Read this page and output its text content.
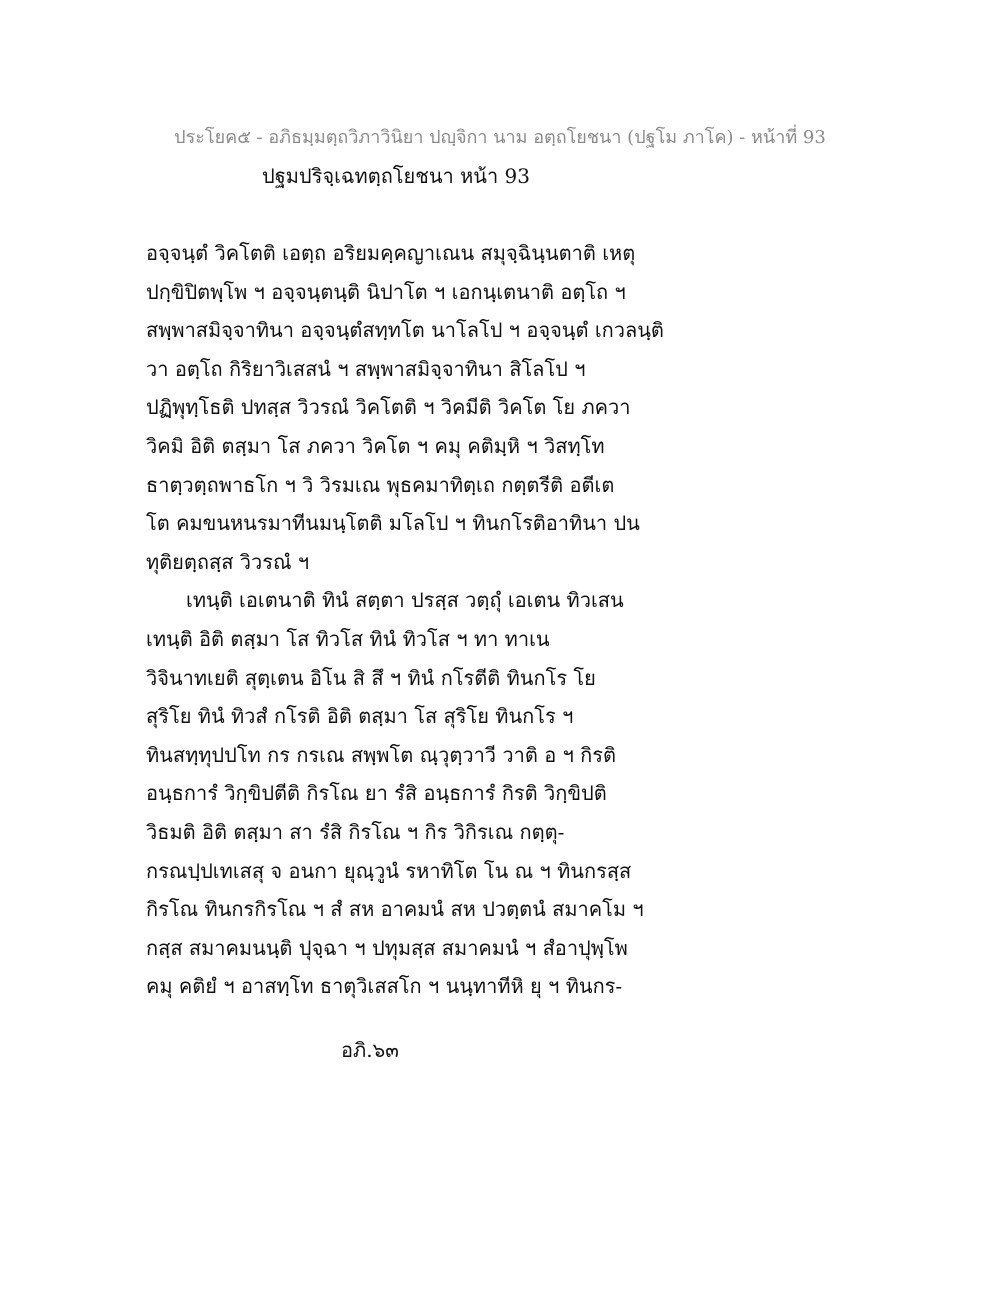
ประโยค๕ - อภิธมฺมตฺถวิภาวินิยา ปญฺจิกา นาม อตฺถโยชนา (ปฐโม ภาโค) - หน้าที่ 93
ปฐมปริจฺเฉทตฺถโยชนา หน้า 93
อจฺจนฺตํ วิคโตติ เอตฺถ อริยมคฺคญาเณน สมุจฺฉินฺนตาติ เหตุ
ปกฺขิปิตพฺโพ ฯ อจฺจนฺตนฺติ นิปาโต ฯ เอกนฺเตนาติ อตฺโถ ฯ
สพฺพาสมิจฺจาทินา อจฺจนฺตํสทฺทโต นาโลโป ฯ อจฺจนฺตํ เกวลนฺติ
วา อตฺโถ กิริยาวิเสสนํ ฯ สพฺพาสมิจฺจาทินา สิโลโป ฯ
ปฏิพุทฺโธติ ปทสฺส วิวรณํ วิคโตติ ฯ วิคมีติ วิคโต โย ภควา
วิคมิ อิติ ตสฺมา โส ภควา วิคโต ฯ คมุ คติมฺหิ ฯ วิสทฺโท
ธาตฺวตฺถพาธโก ฯ วิ วิรมเณ พุธคมาทิตฺเถ กตฺตรีติ อตีเต
โต คมขนหนรมาทีนมนฺโตติ มโลโป ฯ ทินกโรติอาทินา ปน
ทุติยตฺถสฺส วิวรณํ ฯ
เทนฺติ เอเตนาติ ทินํ สตฺตา ปรสฺส วตฺถุํ เอเตน ทิวเสน
เทนฺติ อิติ ตสฺมา โส ทิวโส ทินํ ทิวโส ฯ ทา ทาเน
วิจินาทเยติ สุตฺเตน อิโน สิ สึ ฯ ทินํ กโรตีติ ทินกโร โย
สุริโย ทินํ ทิวสํ กโรติ อิติ ตสฺมา โส สุริโย ทินกโร ฯ
ทินสทฺทุปปโท กร กรเณ สพฺพโต ณฺวุตฺวาวี วาติ อ ฯ กิรติ
อนฺธการํ วิกฺขิปตีติ กิรโณ ยา รํสิ อนฺธการํ กิรติ วิกฺขิปติ
วิธมติ อิติ ตสฺมา สา รํสิ กิรโณ ฯ กิร วิกิรเณ กตฺตุ-
กรณปฺปเทเสสุ จ อนกา ยุณฺวูนํ รหาทิโต โน ณ ฯ ทินกรสฺส
กิรโณ ทินกรกิรโณ ฯ สํ สห อาคมนํ สห ปวตฺตนํ สมาคโม ฯ
กสฺส สมาคมนนฺติ ปุจฺฉา ฯ ปทุมสฺส สมาคมนํ ฯ สํอาปุพฺโพ
คมุ คติยํ ฯ อาสทฺโท ธาตุวิเสสโก ฯ นนฺทาทีหิ ยุ ฯ ทินกร-
อภิ.๖๓
